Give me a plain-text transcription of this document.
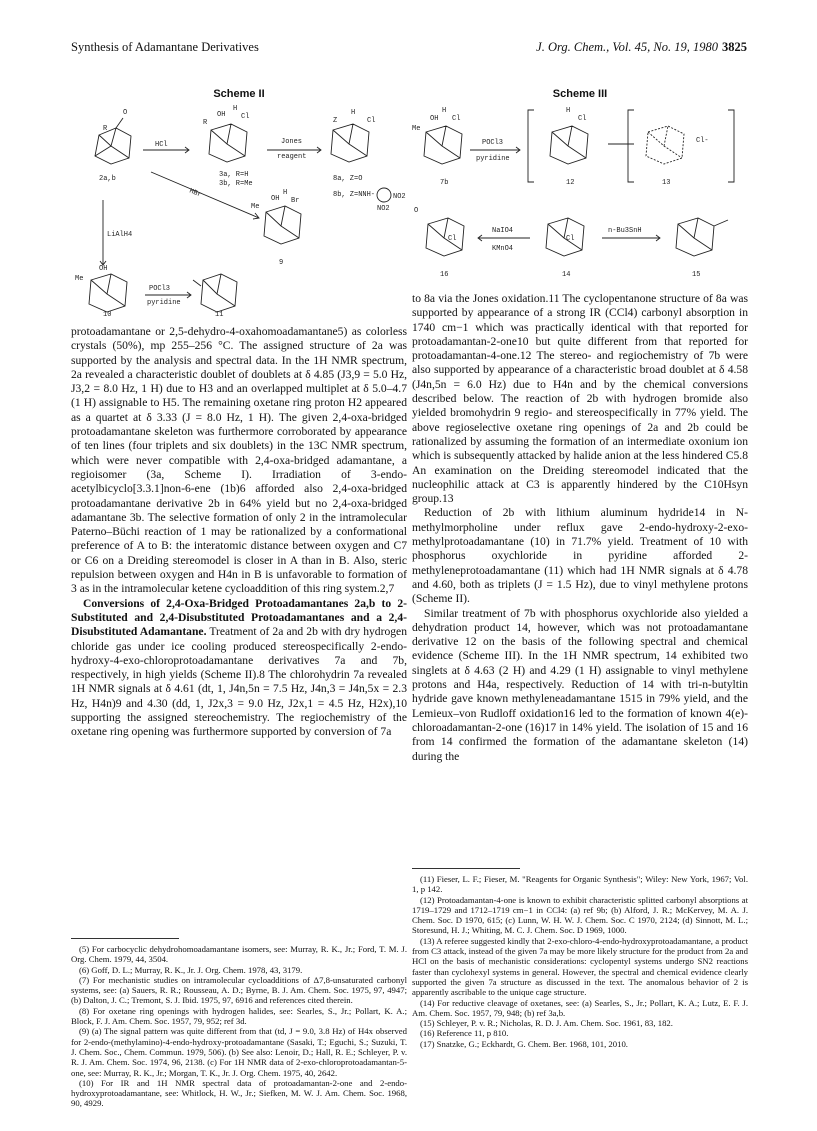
Synthesis of Adamantane Derivatives	J. Org. Chem., Vol. 45, No. 19, 1980 3825
Scheme II
R
O
2a,b
HCl
OH
H
Cl
R
3a, R=H
3b, R=Me
Jones
reagent
H
Z	Cl
8a, Z=O
8b, Z=NNH-	NO2
NO2
HBr
Me
OH
H
Br
9
LiAlH4
Me
OH
POCl3
pyridine
10	11

protoadamantane or 2,5-dehydro-4-oxahomoadamantane5) as colorless crystals (50%), mp 255–256 °C. The assigned structure of 2a was supported by the analysis and spectral data. In the 1H NMR spectrum, 2a revealed a characteristic doublet of doublets at δ 4.85 (J3,9 = 5.0 Hz, J3,2 = 8.0 Hz, 1 H) due to H3 and an overlapped multiplet at δ 5.0–4.7 (1 H) assignable to H5. The remaining oxetane ring proton H2 appeared as a quartet at δ 3.33 (J = 8.0 Hz, 1 H). The given 2,4-oxa-bridged protoadamantane skeleton was furthermore corroborated by appearance of ten lines (four triplets and six doublets) in the 13C NMR spectrum, which were never compatible with 2,4-oxa-bridged adamantane, a regioisomer (3a, Scheme I). Irradiation of 3-endo-acetylbicyclo[3.3.1]non-6-ene (1b)6 afforded also 2,4-oxa-bridged protoadamantane derivative 2b in 64% yield but no 2,4-oxa-bridged adamantane 3b. The selective formation of only 2 in the intramolecular Paterno–Büchi reaction of 1 may be rationalized by a conformational preference of A to B: the interatomic distance between oxygen and C7 or C6 on a Dreiding stereomodel is closer in A than in B. Also, steric repulsion between oxygen and H4n in B is unfavorable to formation of 3 as in the intramolecular ketene cycloaddition of this ring system.2,7

Conversions of 2,4-Oxa-Bridged Protoadamantanes 2a,b to 2-Substituted and 2,4-Disubstituted Protoadamantanes and a 2,4-Disubstituted Adamantane. Treatment of 2a and 2b with dry hydrogen chloride gas under ice cooling produced stereospecifically 2-endo-hydroxy-4-exo-chloroprotoadamantane derivatives 7a and 7b, respectively, in high yields (Scheme II).8 The chlorohydrin 7a revealed 1H NMR signals at δ 4.61 (dt, 1, J4n,5n = 7.5 Hz, J4n,3 = J4n,5x = 2.3 Hz, H4n)9 and 4.30 (dd, 1, J2x,3 = 9.0 Hz, J2x,1 = 4.5 Hz, H2x),10 supporting the assigned stereochemistry. The regiochemistry of the oxetane ring opening was furthermore supported by conversion of 7a

(5) For carbocyclic dehydrohomoadamantane isomers, see: Murray, R. K., Jr.; Ford, T. M. J. Org. Chem. 1979, 44, 3504.

(6) Goff, D. L.; Murray, R. K., Jr. J. Org. Chem. 1978, 43, 3179.

(7) For mechanistic studies on intramolecular cycloadditions of Δ7,8-unsaturated carbonyl systems, see: (a) Sauers, R. R.; Rousseau, A. D.; Byrne, B. J. Am. Chem. Soc. 1975, 97, 4947; (b) Dalton, J. C.; Tremont, S. J. Ibid. 1975, 97, 6916 and references cited therein.

(8) For oxetane ring openings with hydrogen halides, see: Searles, S., Jr.; Pollart, K. A.; Block, F. J. Am. Chem. Soc. 1957, 79, 952; ref 3d.

(9) (a) The signal pattern was quite different from that (td, J = 9.0, 3.8 Hz) of H4x observed for 2-endo-(methylamino)-4-endo-hydroxy-protoadamantane (Sasaki, T.; Eguchi, S.; Suzuki, T. J. Chem. Soc., Chem. Commun. 1979, 506). (b) See also: Lenoir, D.; Hall, R. E.; Schleyer, P. v. R. J. Am. Chem. Soc. 1974, 96, 2138. (c) For 1H NMR data of 2-exo-chloroprotoadamantan-5-one, see: Murray, R. K., Jr.; Morgan, T. K., Jr. J. Org. Chem. 1975, 40, 2642.

(10) For IR and 1H NMR spectral data of protoadamantan-2-one and 2-endo-hydroxyprotoadamantane, see: Whitlock, H. W., Jr.; Siefken, M. W. J. Am. Chem. Soc. 1968, 90, 4929.

Scheme III
Me
OH
H
Cl
7b
POCl3
pyridine
H
Cl
12
Cl-
13
O
Cl
NaIO4
KMnO4
16
Cl
n-Bu3SnH
14	15

to 8a via the Jones oxidation.11 The cyclopentanone structure of 8a was supported by appearance of a strong IR (CCl4) carbonyl absorption in 1740 cm−1 which was practically identical with that reported for protoadamantan-2-one10 but quite different from that reported for protoadamantan-4-one.12 The stereo- and regiochemistry of 7b were also supported by appearance of a characteristic broad doublet at δ 4.58 (J4n,5n = 6.0 Hz) due to H4n and by the chemical conversions described below. The reaction of 2b with hydrogen bromide also yielded bromohydrin 9 regio- and stereospecifically in 77% yield. The above regioselective oxetane ring openings of 2a and 2b could be rationalized by assuming the formation of an intermediate oxonium ion which is subsequently attacked by halide anion at the less hindered C5.8 An examination on the Dreiding stereomodel indicated that the nucleophilic attack at C3 is apparently hindered by the C10Hsyn group.13

Reduction of 2b with lithium aluminum hydride14 in N-methylmorpholine under reflux gave 2-endo-hydroxy-2-exo-methylprotoadamantane (10) in 71.7% yield. Treatment of 10 with phosphorus oxychloride in pyridine afforded 2-methyleneprotoadamantane (11) which had 1H NMR signals at δ 4.78 and 4.60, both as triplets (J = 1.5 Hz), due to vinyl methylene protons (Scheme II).

Similar treatment of 7b with phosphorus oxychloride also yielded a dehydration product 14, however, which was not protoadamantane derivative 12 on the basis of the following spectral and chemical evidence (Scheme III). In the 1H NMR spectrum, 14 exhibited two singlets at δ 4.63 (2 H) and 4.29 (1 H) assignable to vinyl methylene protons and H4a, respectively. Reduction of 14 with tri-n-butyltin hydride gave known methyleneadamantane 1515 in 79% yield, and the Lemieux–von Rudloff oxidation16 led to the formation of known 4(e)-chloroadamantan-2-one (16)17 in 14% yield. The isolation of 15 and 16 from 14 confirmed the formation of the adamantane skeleton (14) during the

(11) Fieser, L. F.; Fieser, M. "Reagents for Organic Synthesis"; Wiley: New York, 1967; Vol. 1, p 142.

(12) Protoadamantan-4-one is known to exhibit characteristic splitted carbonyl absorptions at 1719–1729 and 1712–1719 cm−1 in CCl4: (a) ref 9b; (b) Alford, J. R.; McKervey, M. A. J. Chem. Soc. D 1970, 615; (c) Lunn, W. H. W. J. Chem. Soc. C 1970, 2124; (d) Sinnott, M. L.; Storesund, H. J.; Whiting, M. C. J. Chem. Soc. D 1969, 1000.

(13) A referee suggested kindly that 2-exo-chloro-4-endo-hydroxyprotoadamantane, a product from C3 attack, instead of the given 7a may be more likely structure for the product from 2a and HCl on the basis of mechanistic considerations: cyclopentyl systems undergo SN2 reactions faster than cyclohexyl systems in general. However, the spectral and chemical evidence clearly supported the given 7a structure as discussed in the text. The anomalous behavior of 2 is apparently ascribable to the unique cage structure.

(14) For reductive cleavage of oxetanes, see: (a) Searles, S., Jr.; Pollart, K. A.; Lutz, E. F. J. Am. Chem. Soc. 1957, 79, 948; (b) ref 3a,b.

(15) Schleyer, P. v. R.; Nicholas, R. D. J. Am. Chem. Soc. 1961, 83, 182.

(16) Reference 11, p 810.

(17) Snatzke, G.; Eckhardt, G. Chem. Ber. 1968, 101, 2010.
